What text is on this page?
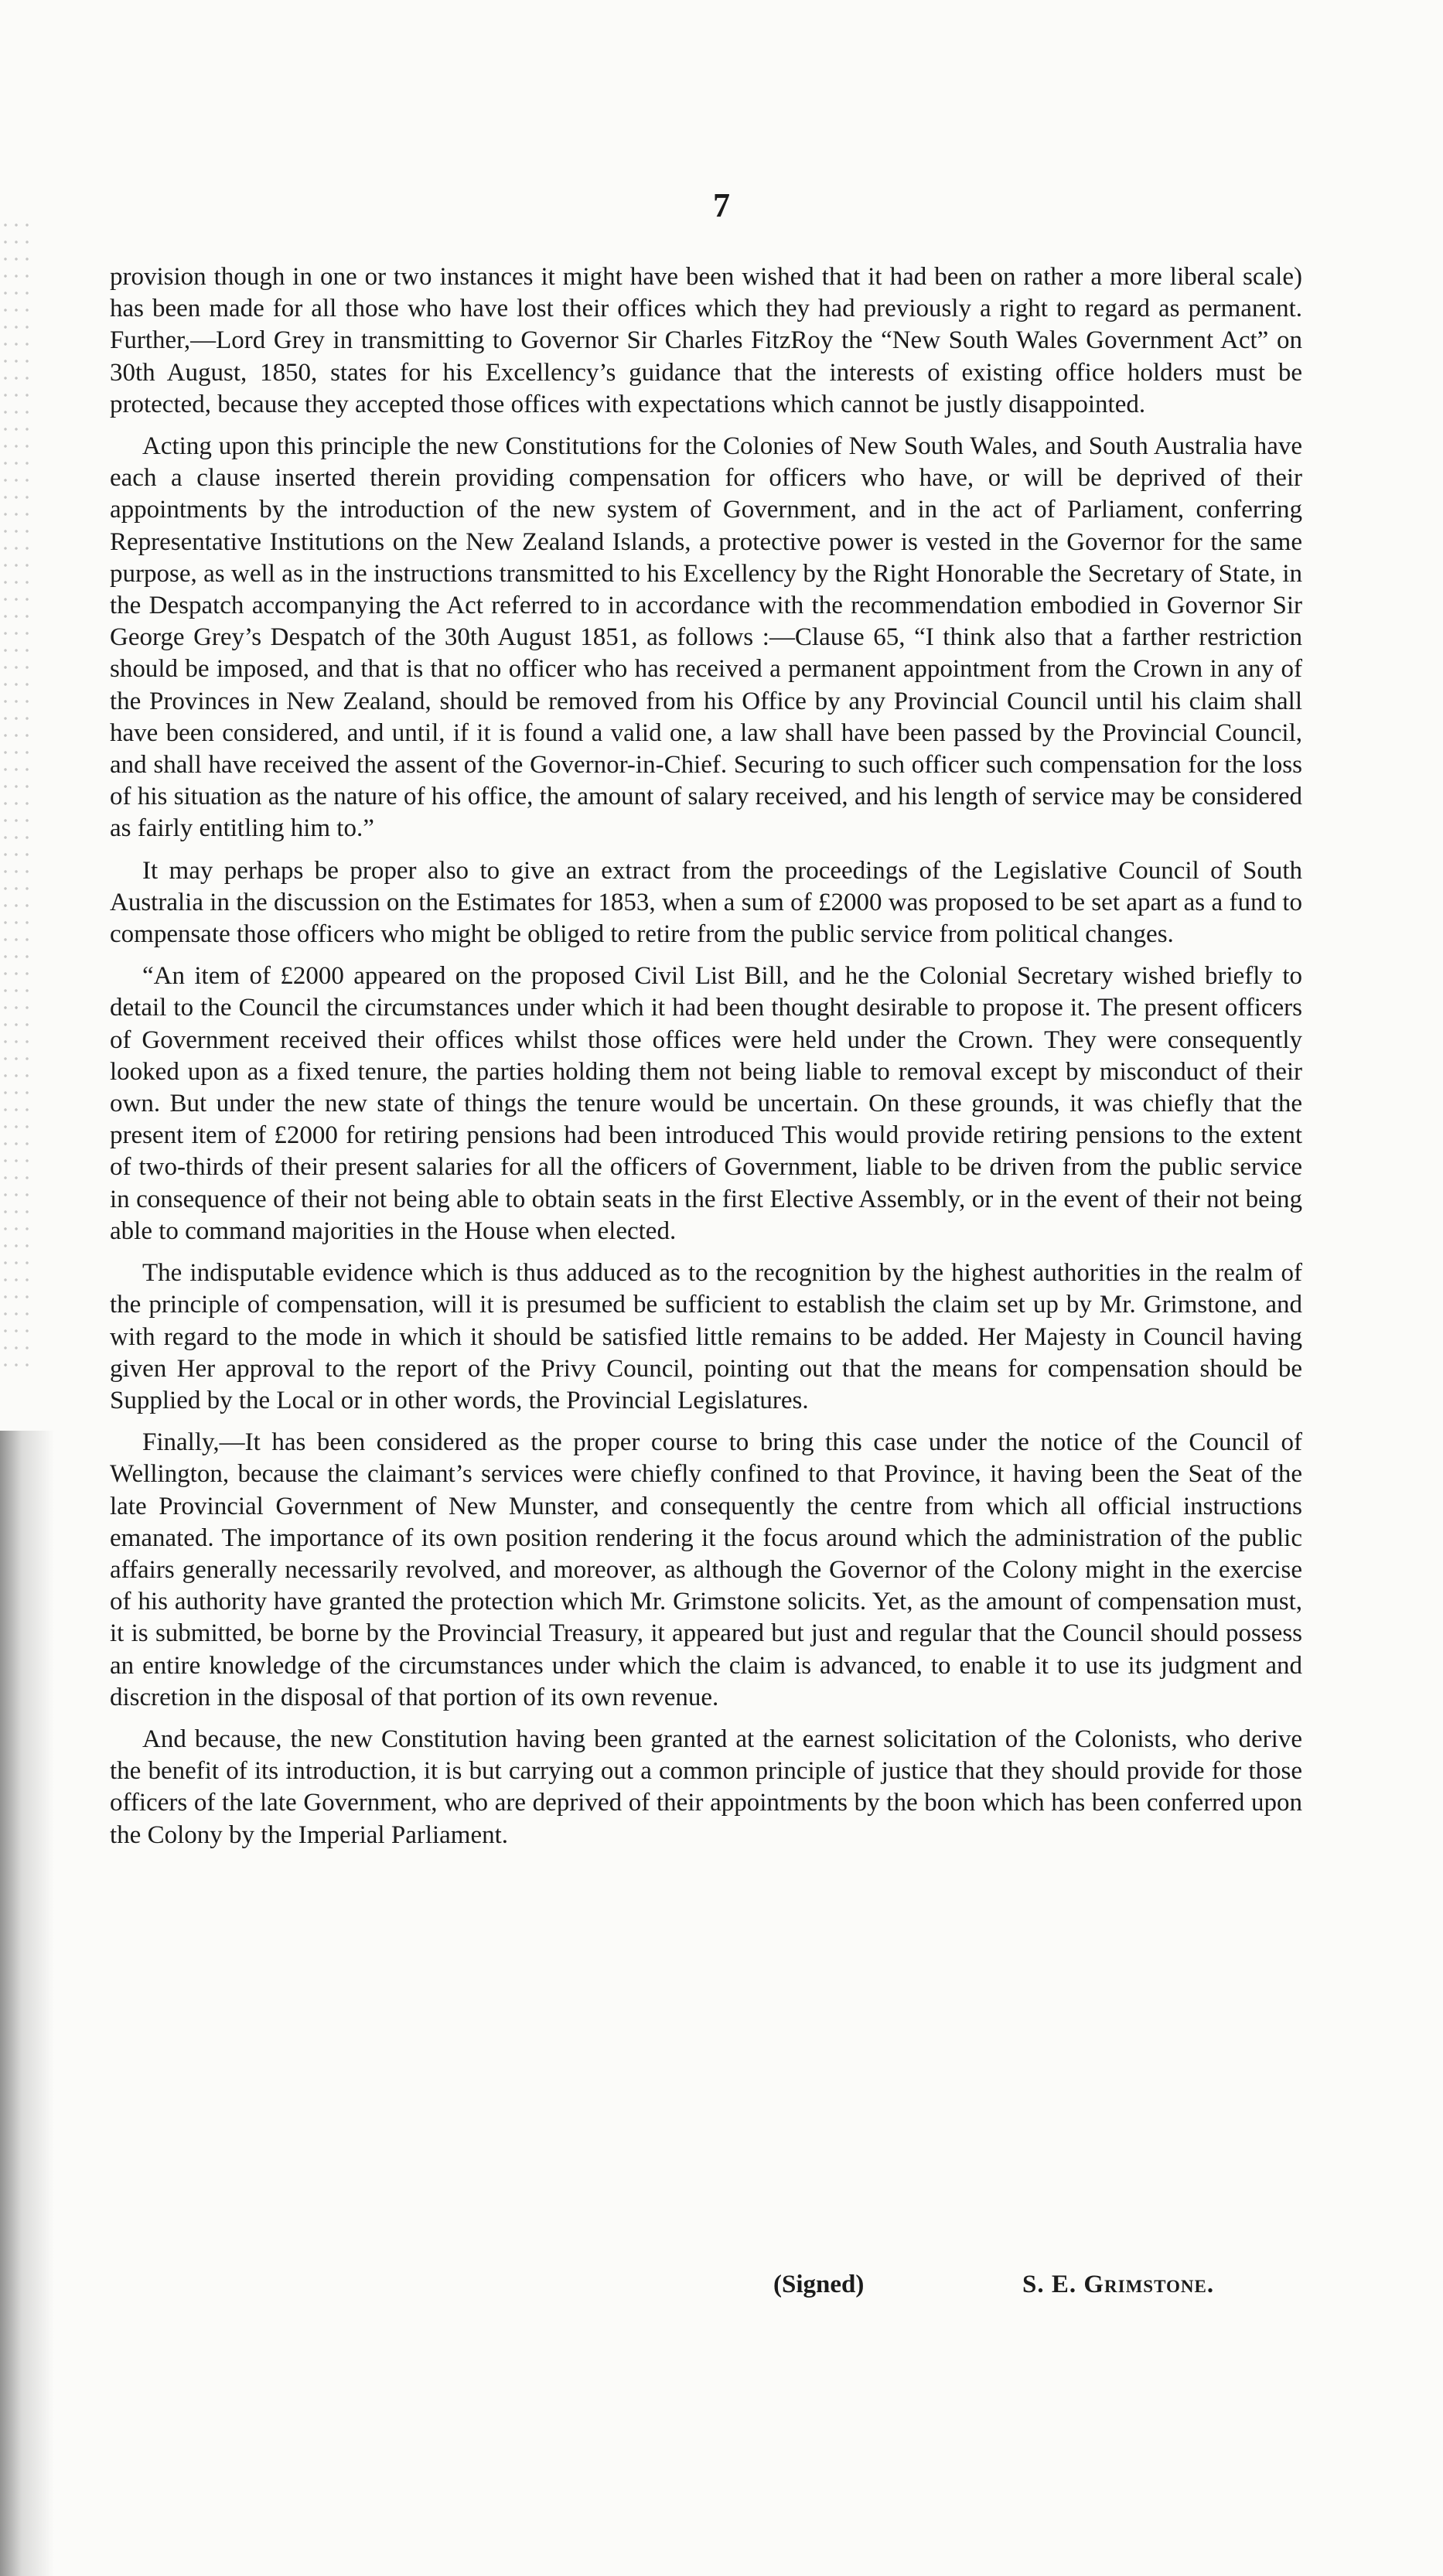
7

provision though in one or two instances it might have been wished that it had been on rather a more liberal scale) has been made for all those who have lost their offices which they had previously a right to regard as permanent. Further,—Lord Grey in transmitting to Governor Sir Charles FitzRoy the “New South Wales Government Act” on 30th August, 1850, states for his Excellency’s guidance that the interests of existing office holders must be protected, because they accepted those offices with expectations which cannot be justly disappointed.

Acting upon this principle the new Constitutions for the Colonies of New South Wales, and South Australia have each a clause inserted therein providing compensation for officers who have, or will be deprived of their appointments by the introduction of the new system of Government, and in the act of Parliament, conferring Representative Institutions on the New Zealand Islands, a protective power is vested in the Governor for the same purpose, as well as in the instructions transmitted to his Excellency by the Right Honorable the Secretary of State, in the Despatch accompanying the Act referred to in accordance with the recommendation embodied in Governor Sir George Grey’s Despatch of the 30th August 1851, as follows :—Clause 65, “I think also that a farther restriction should be imposed, and that is that no officer who has received a permanent appointment from the Crown in any of the Provinces in New Zealand, should be removed from his Office by any Provincial Council until his claim shall have been considered, and until, if it is found a valid one, a law shall have been passed by the Provincial Council, and shall have received the assent of the Governor-in-Chief. Securing to such officer such compensation for the loss of his situation as the nature of his office, the amount of salary received, and his length of service may be considered as fairly entitling him to.”

It may perhaps be proper also to give an extract from the proceedings of the Legislative Council of South Australia in the discussion on the Estimates for 1853, when a sum of £2000 was proposed to be set apart as a fund to compensate those officers who might be obliged to retire from the public service from political changes.

“An item of £2000 appeared on the proposed Civil List Bill, and he the Colonial Secretary wished briefly to detail to the Council the circumstances under which it had been thought desirable to propose it. The present officers of Government received their offices whilst those offices were held under the Crown. They were consequently looked upon as a fixed tenure, the parties holding them not being liable to removal except by misconduct of their own. But under the new state of things the tenure would be uncertain. On these grounds, it was chiefly that the present item of £2000 for retiring pensions had been introduced This would provide retiring pensions to the extent of two-thirds of their present salaries for all the officers of Government, liable to be driven from the public service in consequence of their not being able to obtain seats in the first Elective Assembly, or in the event of their not being able to command majorities in the House when elected.

The indisputable evidence which is thus adduced as to the recognition by the highest authorities in the realm of the principle of compensation, will it is presumed be sufficient to establish the claim set up by Mr. Grimstone, and with regard to the mode in which it should be satisfied little remains to be added. Her Majesty in Council having given Her approval to the report of the Privy Council, pointing out that the means for compensation should be Supplied by the Local or in other words, the Provincial Legislatures.

Finally,—It has been considered as the proper course to bring this case under the notice of the Council of Wellington, because the claimant’s services were chiefly confined to that Province, it having been the Seat of the late Provincial Government of New Munster, and consequently the centre from which all official instructions emanated. The importance of its own position rendering it the focus around which the administration of the public affairs generally necessarily revolved, and moreover, as although the Governor of the Colony might in the exercise of his authority have granted the protection which Mr. Grimstone solicits. Yet, as the amount of compensation must, it is submitted, be borne by the Provincial Treasury, it appeared but just and regular that the Council should possess an entire knowledge of the circumstances under which the claim is advanced, to enable it to use its judgment and discretion in the disposal of that portion of its own revenue.

And because, the new Constitution having been granted at the earnest solicitation of the Colonists, who derive the benefit of its introduction, it is but carrying out a common principle of justice that they should provide for those officers of the late Government, who are deprived of their appointments by the boon which has been conferred upon the Colony by the Imperial Parliament.

(Signed)	S. E. Grimstone.
